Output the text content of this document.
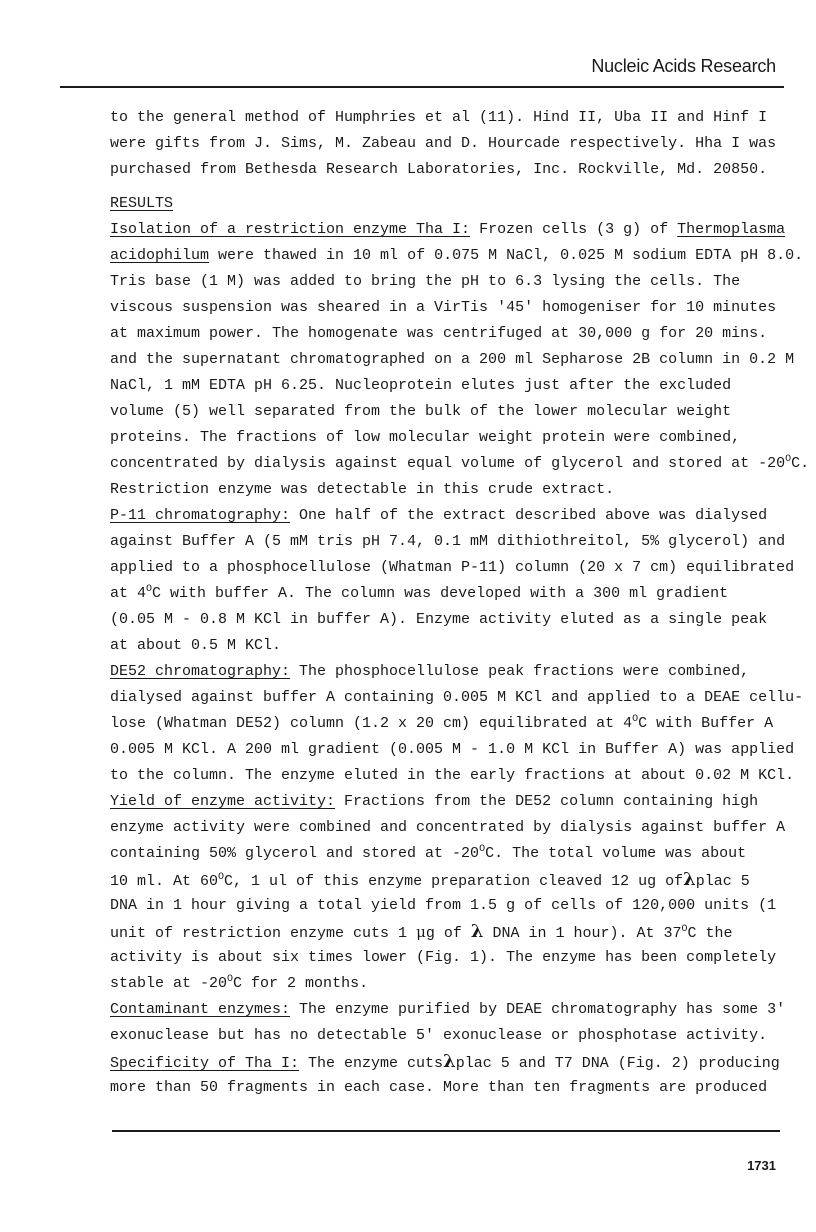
Nucleic Acids Research
to the general method of Humphries et al (11). Hind II, Uba II and Hinf I
were gifts from J. Sims, M. Zabeau and D. Hourcade respectively. Hha I was
purchased from Bethesda Research Laboratories, Inc. Rockville, Md. 20850.
RESULTS
Isolation of a restriction enzyme Tha I: Frozen cells (3 g) of Thermoplasma
acidophilum were thawed in 10 ml of 0.075 M NaCl, 0.025 M sodium EDTA pH 8.0.
Tris base (1 M) was added to bring the pH to 6.3 lysing the cells. The
viscous suspension was sheared in a VirTis '45' homogeniser for 10 minutes
at maximum power. The homogenate was centrifuged at 30,000 g for 20 mins.
and the supernatant chromatographed on a 200 ml Sepharose 2B column in 0.2 M
NaCl, 1 mM EDTA pH 6.25. Nucleoprotein elutes just after the excluded
volume (5) well separated from the bulk of the lower molecular weight
proteins. The fractions of low molecular weight protein were combined,
concentrated by dialysis against equal volume of glycerol and stored at $-20^OC$.
Restriction enzyme was detectable in this crude extract.
P-11 chromatography: One half of the extract described above was dialysed
against Buffer A (5 mM tris pH 7.4, 0.1 mM dithiothreitol, 5% glycerol) and
applied to a phosphocellulose (Whatman P-11) column (20 x 7 cm) equilibrated
at $4^OC$ with buffer A. The column was developed with a 300 ml gradient
(0.05 M - 0.8 M KCl in buffer A). Enzyme activity eluted as a single peak
at about 0.5 M KCl.
DE52 chromatography: The phosphocellulose peak fractions were combined,
dialysed against buffer A containing 0.005 M KCl and applied to a DEAE cellu-
lose (Whatman DE52) column (1.2 x 20 cm) equilibrated at $4^OC$ with Buffer A
0.005 M KCl. A 200 ml gradient (0.005 M - 1.0 M KCl in Buffer A) was applied
to the column. The enzyme eluted in the early fractions at about 0.02 M KCl.
Yield of enzyme activity: Fractions from the DE52 column containing high
enzyme activity were combined and concentrated by dialysis against buffer A
containing 50% glycerol and stored at $-20^OC$. The total volume was about
10 ml. At $60^OC$, 1 ul of this enzyme preparation cleaved 12 ug ofλplac 5
DNA in 1 hour giving a total yield from 1.5 g of cells of 120,000 units (1
unit of restriction enzyme cuts 1 μg of λ DNA in 1 hour). At $37^OC$ the
activity is about six times lower (Fig. 1). The enzyme has been completely
stable at $-20^OC$ for 2 months.
Contaminant enzymes: The enzyme purified by DEAE chromatography has some 3'
exonuclease but has no detectable 5' exonuclease or phosphotase activity.
Specificity of Tha I: The enzyme cutsλplac 5 and T7 DNA (Fig. 2) producing
more than 50 fragments in each case. More than ten fragments are produced
1731
